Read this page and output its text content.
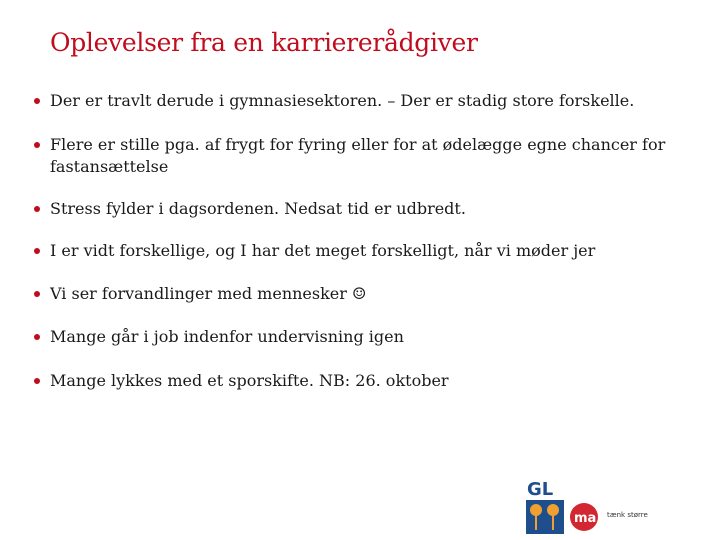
Oplevelser fra en karriererådgiver
Der er travlt derude i gymnasiesektoren. – Der er stadig store forskelle.
Flere er stille pga. af frygt for fyring eller for at ødelægge egne chancer for fastansættelse
Stress fylder i dagsordenen. Nedsat tid er udbredt.
I er vidt forskellige, og I har det meget forskelligt, når vi møder jer
Vi ser forvandlinger med mennesker ☺
Mange går i job indenfor undervisning igen
Mange lykkes med et sporskifte. NB: 26. oktober
GL
ma tænk større
